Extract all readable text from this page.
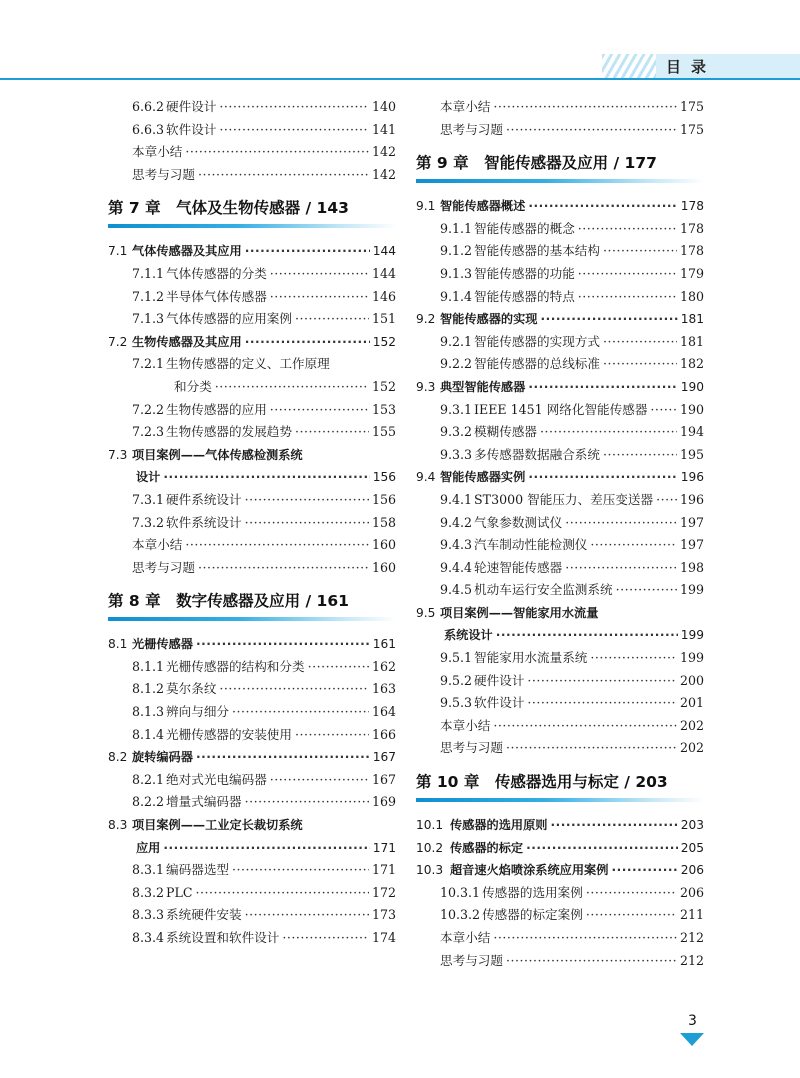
目录
6.6.2 硬件设计 ·····	140
6.6.3 软件设计 ·····	141
本章小结 ·····	142
思考与习题 ·····	142
第 7 章　气体及生物传感器 / 143
7.1 气体传感器及其应用 ·····	144
7.1.1 气体传感器的分类 ·····	144
7.1.2 半导体气体传感器 ·····	146
7.1.3 气体传感器的应用案例 ·····	151
7.2 生物传感器及其应用 ·····	152
7.2.1 生物传感器的定义、工作原理
和分类 ·····	152
7.2.2 生物传感器的应用 ·····	153
7.2.3 生物传感器的发展趋势 ·····	155
7.3 项目案例——气体传感检测系统
设计 ·····	156
7.3.1 硬件系统设计 ·····	156
7.3.2 软件系统设计 ·····	158
本章小结 ·····	160
思考与习题 ·····	160
第 8 章　数字传感器及应用 / 161
8.1 光栅传感器 ·····	161
8.1.1 光栅传感器的结构和分类 ·····	162
8.1.2 莫尔条纹 ·····	163
8.1.3 辨向与细分 ·····	164
8.1.4 光栅传感器的安装使用 ·····	166
8.2 旋转编码器 ·····	167
8.2.1 绝对式光电编码器 ·····	167
8.2.2 增量式编码器 ·····	169
8.3 项目案例——工业定长裁切系统
应用 ·····	171
8.3.1 编码器选型 ·····	171
8.3.2 PLC ·····	172
8.3.3 系统硬件安装 ·····	173
8.3.4 系统设置和软件设计 ·····	174
本章小结 ·····	175
思考与习题 ·····	175
第 9 章　智能传感器及应用 / 177
9.1 智能传感器概述 ·····	178
9.1.1 智能传感器的概念 ·····	178
9.1.2 智能传感器的基本结构 ·····	178
9.1.3 智能传感器的功能 ·····	179
9.1.4 智能传感器的特点 ·····	180
9.2 智能传感器的实现 ·····	181
9.2.1 智能传感器的实现方式 ·····	181
9.2.2 智能传感器的总线标准 ·····	182
9.3 典型智能传感器 ·····	190
9.3.1 IEEE 1451 网络化智能传感器 ·····	190
9.3.2 模糊传感器 ·····	194
9.3.3 多传感器数据融合系统 ·····	195
9.4 智能传感器实例 ·····	196
9.4.1 ST3000 智能压力、差压变送器 ····· 196
9.4.2 气象参数测试仪 ·····	197
9.4.3 汽车制动性能检测仪 ·····	197
9.4.4 轮速智能传感器 ·····	198
9.4.5 机动车运行安全监测系统 ·····	199
9.5 项目案例——智能家用水流量
系统设计 ·····	199
9.5.1 智能家用水流量系统 ·····	199
9.5.2 硬件设计 ·····	200
9.5.3 软件设计 ·····	201
本章小结 ·····	202
思考与习题 ·····	202
第 10 章　传感器选用与标定 / 203
10.1 传感器的选用原则 ·····	203
10.2 传感器的标定 ·····	205
10.3 超音速火焰喷涂系统应用案例 ·····	206
10.3.1 传感器的选用案例 ·····	206
10.3.2 传感器的标定案例 ·····	211
本章小结 ·····	212
思考与习题 ·····	212
3
